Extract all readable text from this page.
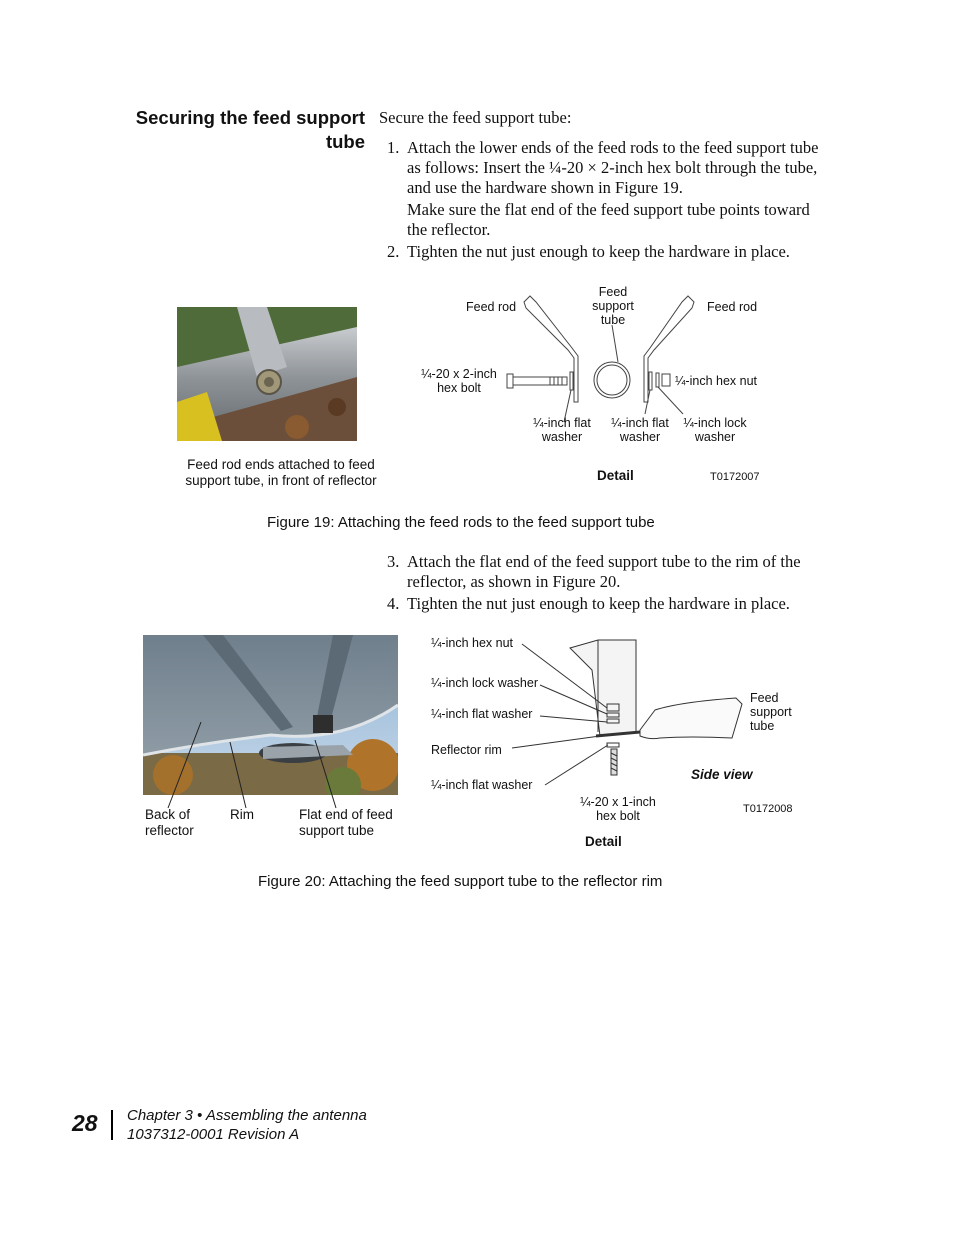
Securing the feed support
tube

Secure the feed support tube:

1. Attach the lower ends of the feed rods to the feed support tube as follows: Insert the ¼-20 × 2-inch hex bolt through the tube, and use the hardware shown in Figure 19.

Make sure the flat end of the feed support tube points toward the reflector.

2. Tighten the nut just enough to keep the hardware in place.

Feed rod ends attached to feed support tube, in front of reflector
Feed rod
Feed support tube
Feed rod
¼-20 x 2-inch hex bolt	¼-inch hex nut
¼-inch flat washer
¼-inch flat washer
¼-inch lock washer
Detail	T0172007
Figure 19: Attaching the feed rods to the feed support tube
3. Attach the flat end of the feed support tube to the rim of the reflector, as shown in Figure 20.

4. Tighten the nut just enough to keep the hardware in place.

Back of reflector
Rim	Flat end of feed support tube
¼-inch hex nut
¼-inch lock washer
¼-inch flat washer
Reflector rim
¼-inch flat washer
¼-20 x 1-inch hex bolt
Feed support tube
Side view
Detail
T0172008
Figure 20: Attaching the feed support tube to the reflector rim
28 Chapter 3 • Assembling the antenna
1037312-0001 Revision A
